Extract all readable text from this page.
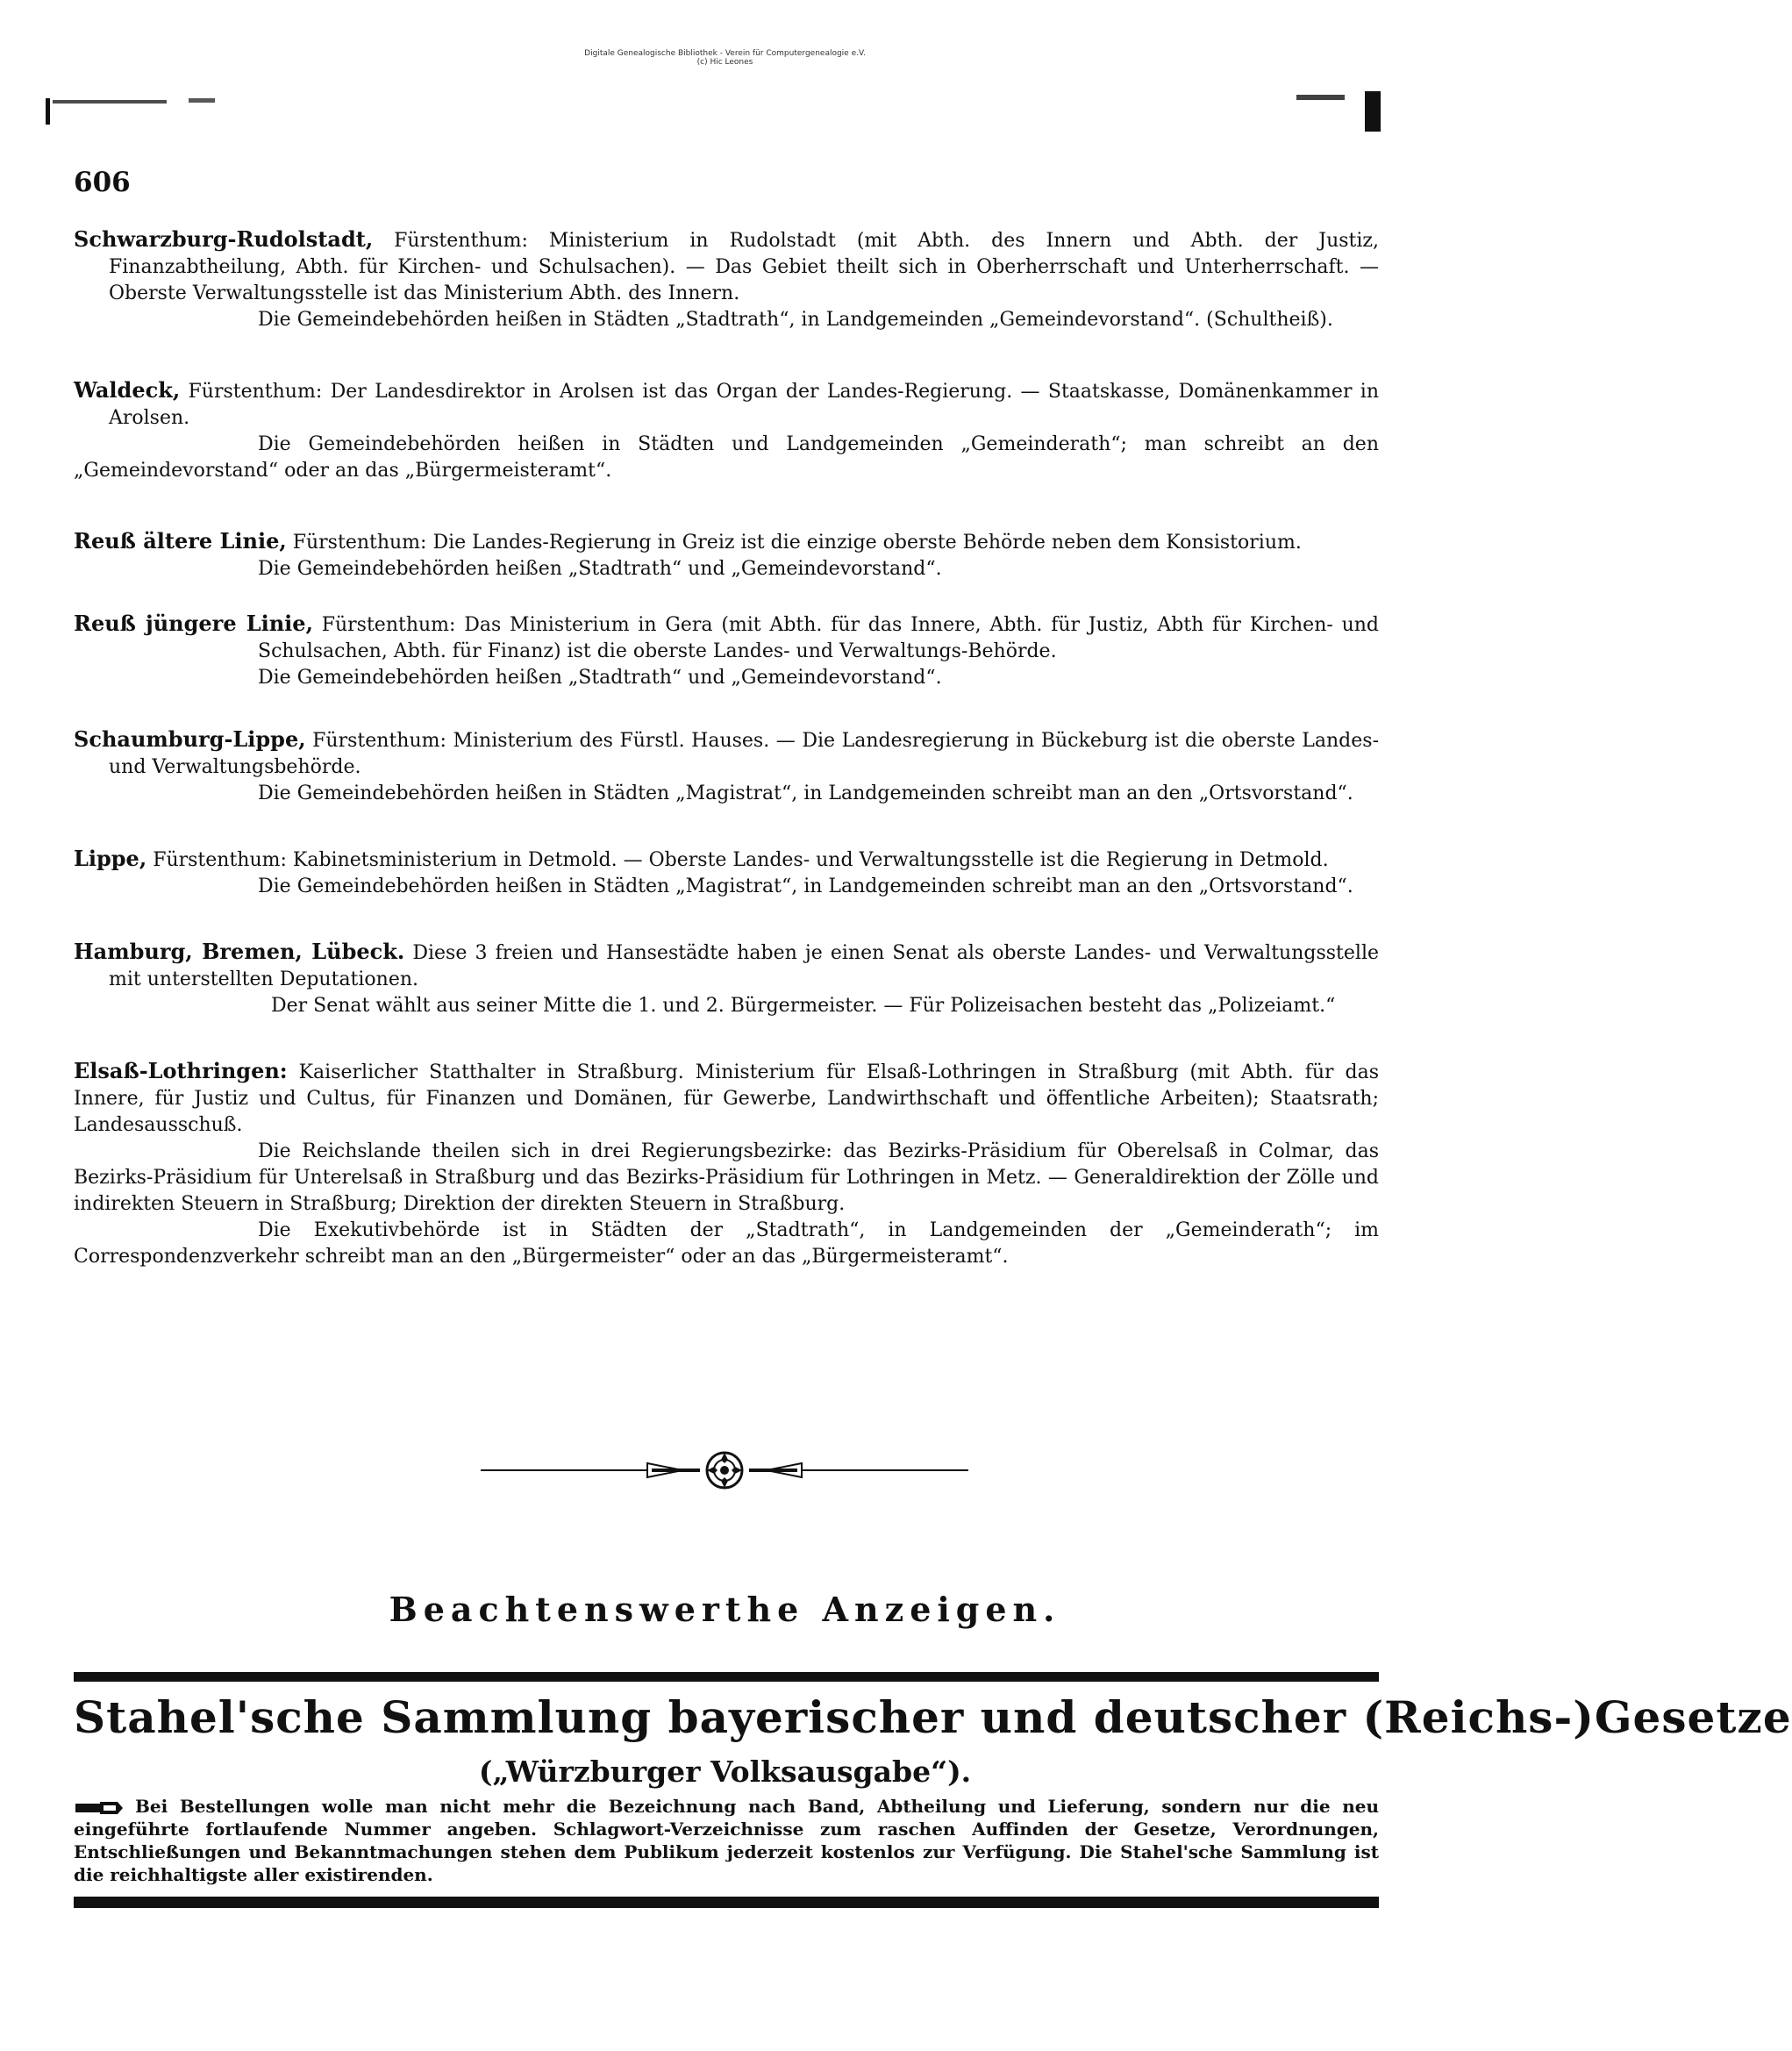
Digitale Genealogische Bibliothek - Verein für Computergenealogie e.V.
(c) Hic Leones
606

Schwarzburg-Rudolstadt, Fürstenthum: Ministerium in Rudolstadt (mit Abth. des Innern und Abth. der Justiz, Finanzabtheilung, Abth. für Kirchen- und Schulsachen). — Das Gebiet theilt sich in Oberherrschaft und Unterherrschaft. — Oberste Verwaltungsstelle ist das Ministerium Abth. des Innern.

Die Gemeindebehörden heißen in Städten „Stadtrath“, in Landgemeinden „Gemeindevorstand“. (Schultheiß).

Waldeck, Fürstenthum: Der Landesdirektor in Arolsen ist das Organ der Landes-Regierung. — Staatskasse, Domänenkammer in Arolsen.

Die Gemeindebehörden heißen in Städten und Landgemeinden „Gemeinderath“; man schreibt an den „Gemeindevorstand“ oder an das „Bürgermeisteramt“.

Reuß ältere Linie, Fürstenthum: Die Landes-Regierung in Greiz ist die einzige oberste Behörde neben dem Konsistorium.

Die Gemeindebehörden heißen „Stadtrath“ und „Gemeindevorstand“.

Reuß jüngere Linie, Fürstenthum: Das Ministerium in Gera (mit Abth. für das Innere, Abth. für Justiz, Abth für Kirchen- und Schulsachen, Abth. für Finanz) ist die oberste Landes- und Verwaltungs-Behörde.

Die Gemeindebehörden heißen „Stadtrath“ und „Gemeindevorstand“.

Schaumburg-Lippe, Fürstenthum: Ministerium des Fürstl. Hauses. — Die Landesregierung in Bückeburg ist die oberste Landes- und Verwaltungsbehörde.

Die Gemeindebehörden heißen in Städten „Magistrat“, in Landgemeinden schreibt man an den „Ortsvorstand“.

Lippe, Fürstenthum: Kabinetsministerium in Detmold. — Oberste Landes- und Verwaltungsstelle ist die Regierung in Detmold.

Die Gemeindebehörden heißen in Städten „Magistrat“, in Landgemeinden schreibt man an den „Ortsvorstand“.

Hamburg, Bremen, Lübeck. Diese 3 freien und Hansestädte haben je einen Senat als oberste Landes- und Verwaltungsstelle mit unterstellten Deputationen.

Der Senat wählt aus seiner Mitte die 1. und 2. Bürgermeister. — Für Polizeisachen besteht das „Polizeiamt.“

Elsaß-Lothringen: Kaiserlicher Statthalter in Straßburg. Ministerium für Elsaß-Lothringen in Straßburg (mit Abth. für das Innere, für Justiz und Cultus, für Finanzen und Domänen, für Gewerbe, Landwirthschaft und öffentliche Arbeiten); Staatsrath; Landesausschuß.

Die Reichslande theilen sich in drei Regierungsbezirke: das Bezirks-Präsidium für Oberelsaß in Colmar, das Bezirks-Präsidium für Unterelsaß in Straßburg und das Bezirks-Präsidium für Lothringen in Metz. — Generaldirektion der Zölle und indirekten Steuern in Straßburg; Direktion der direkten Steuern in Straßburg.

Die Exekutivbehörde ist in Städten der „Stadtrath“, in Landgemeinden der „Gemeinderath“; im Correspondenzverkehr schreibt man an den „Bürgermeister“ oder an das „Bürgermeisteramt“.

Beachtenswerthe Anzeigen.
Stahel'sche Sammlung bayerischer und deutscher (Reichs-)Gesetze
(„Würzburger Volksausgabe“).
Bei Bestellungen wolle man nicht mehr die Bezeichnung nach Band, Abtheilung und Lieferung, sondern nur die neu eingeführte fortlaufende Nummer angeben. Schlagwort-Verzeichnisse zum raschen Auffinden der Gesetze, Verordnungen, Entschließungen und Bekanntmachungen stehen dem Publikum jederzeit kostenlos zur Verfügung. Die Stahel'sche Sammlung ist die reichhaltigste aller existirenden.
